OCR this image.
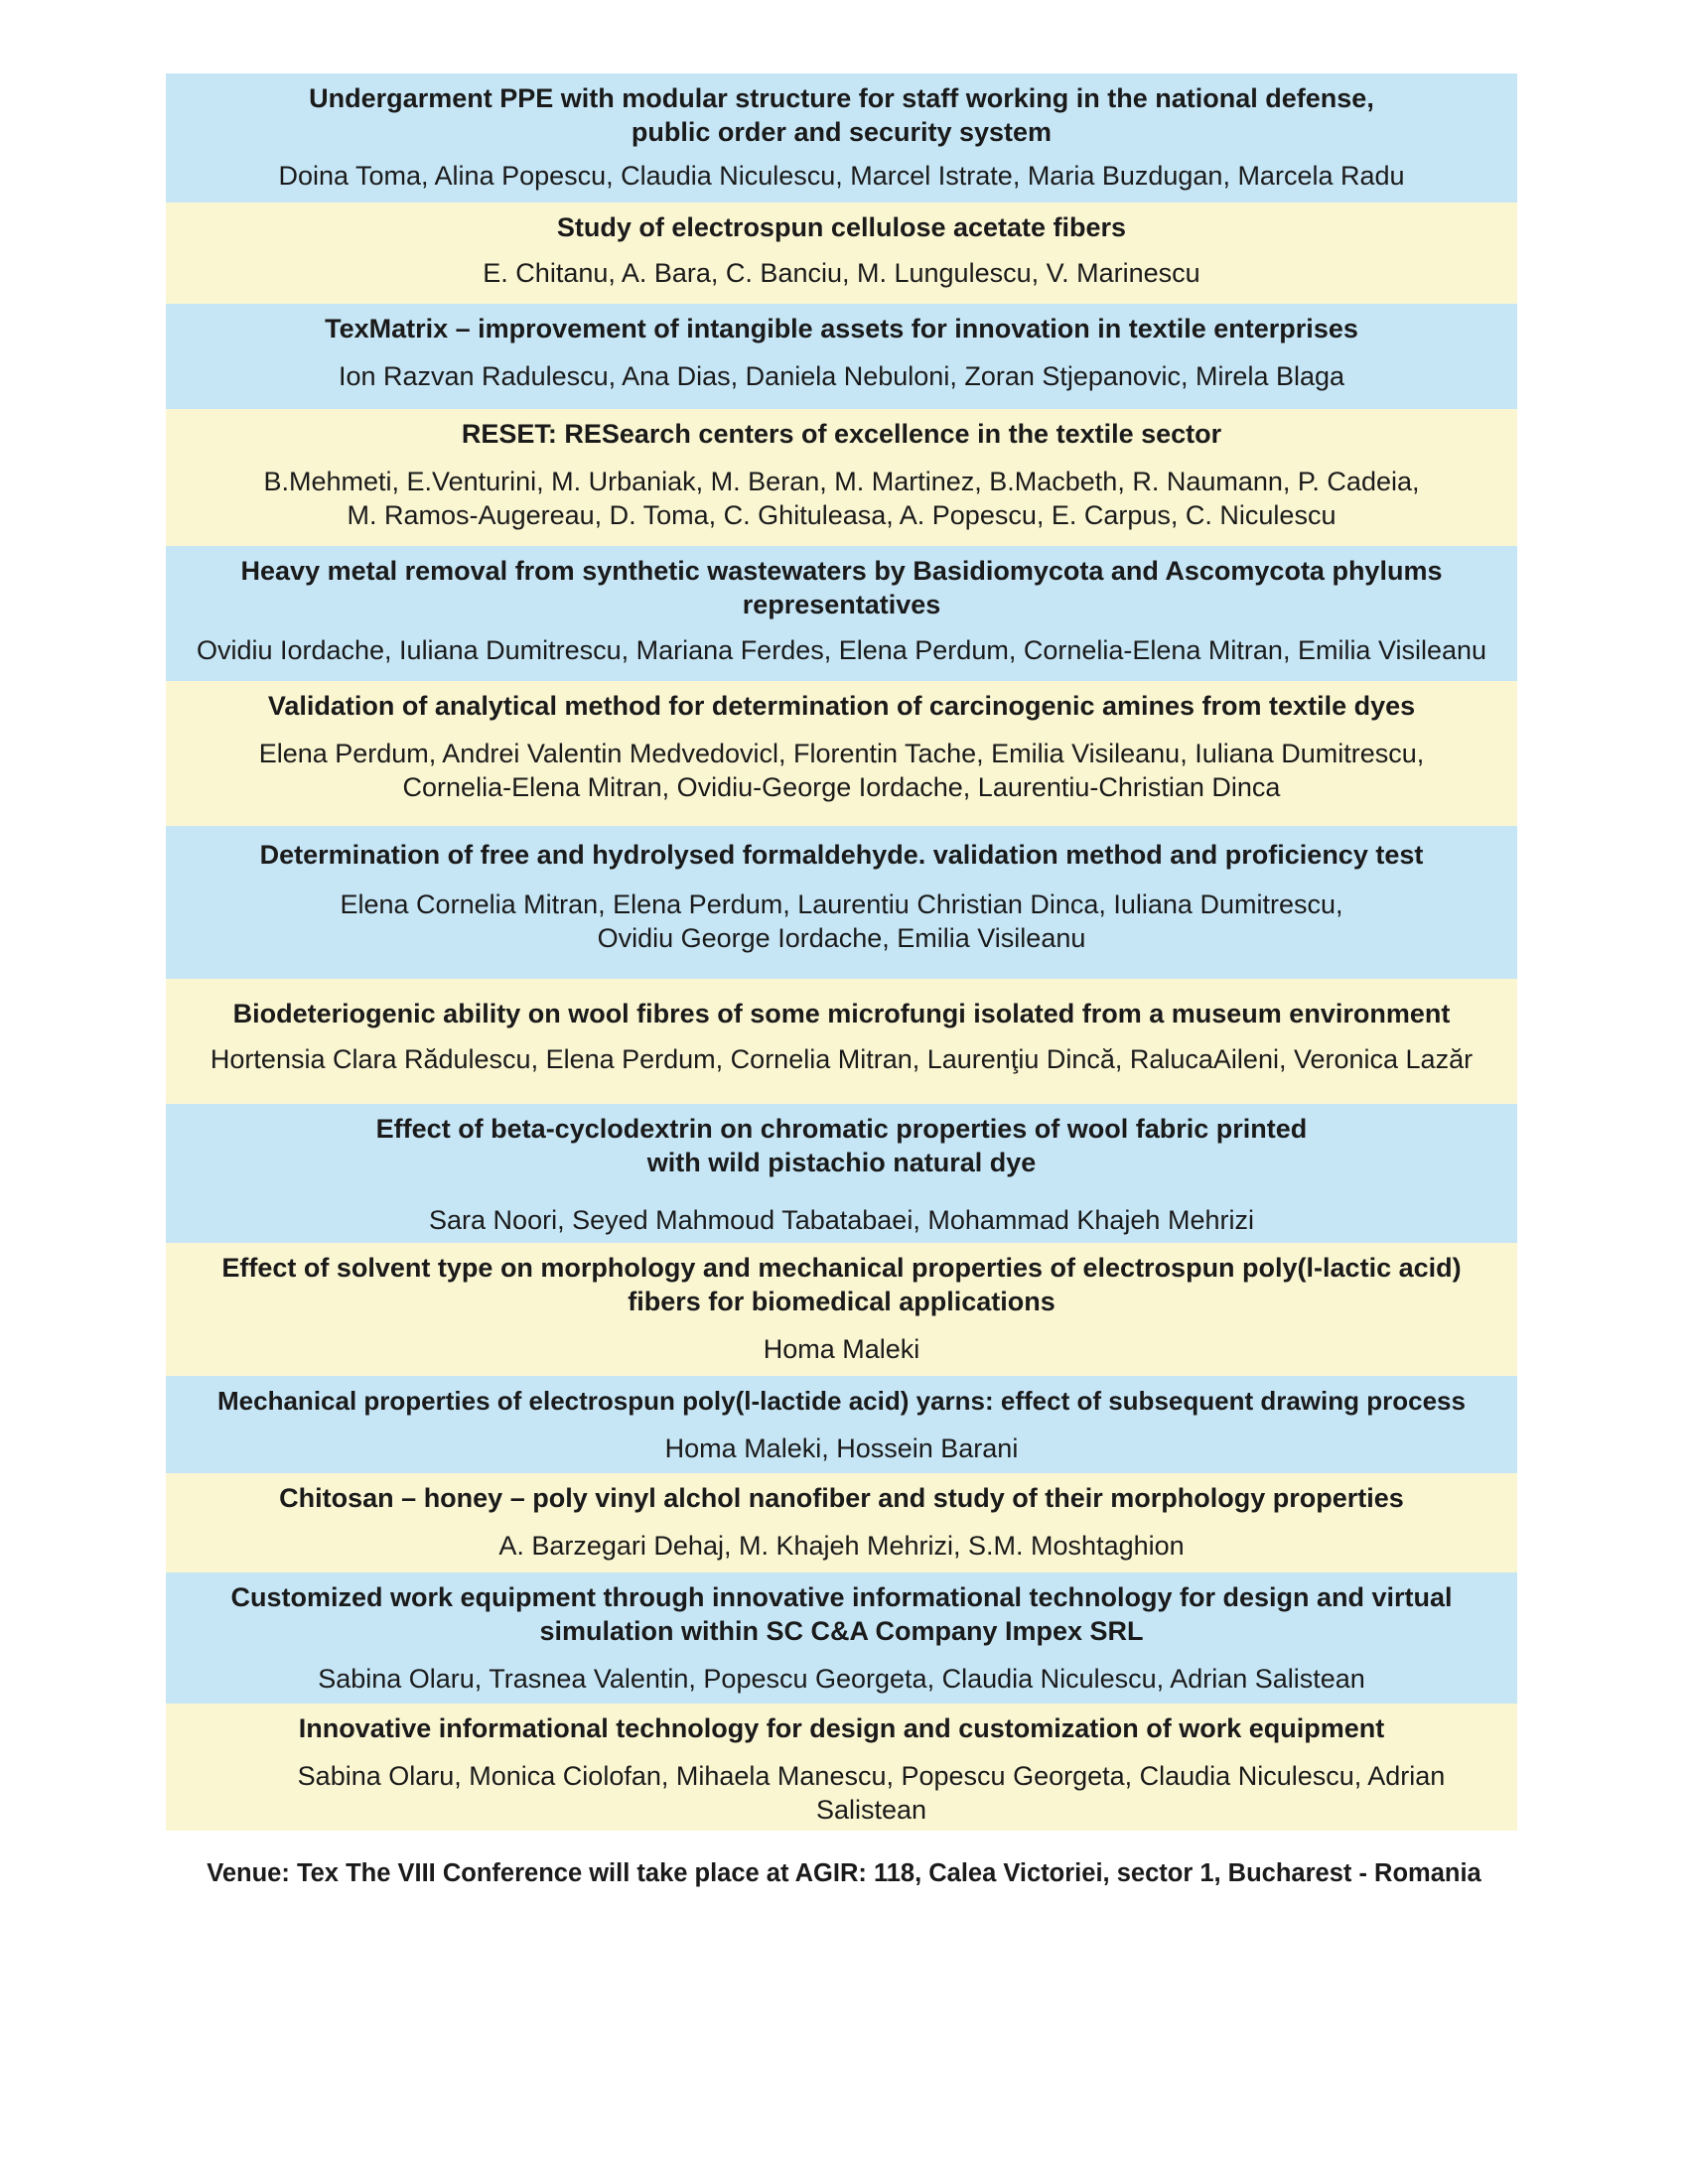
Undergarment PPE with modular structure for staff working in the national defense,
public order and security system
Doina Toma, Alina Popescu, Claudia Niculescu, Marcel Istrate, Maria Buzdugan, Marcela Radu
Study of electrospun cellulose acetate fibers
E. Chitanu, A. Bara, C. Banciu, M. Lungulescu, V. Marinescu
TexMatrix – improvement of intangible assets for innovation in textile enterprises
Ion Razvan Radulescu, Ana Dias, Daniela Nebuloni, Zoran Stjepanovic, Mirela Blaga
RESET: RESearch centers of excellence in the textile sector
B.Mehmeti, E.Venturini, M. Urbaniak, M. Beran, M. Martinez, B.Macbeth, R. Naumann, P. Cadeia,
M. Ramos-Augereau, D. Toma, C. Ghituleasa, A. Popescu, E. Carpus, C. Niculescu
Heavy metal removal from synthetic wastewaters by Basidiomycota and Ascomycota phylums
representatives
Ovidiu Iordache, Iuliana Dumitrescu, Mariana Ferdes, Elena Perdum, Cornelia-Elena Mitran, Emilia Visileanu
Validation of analytical method for determination of carcinogenic amines from textile dyes
Elena Perdum, Andrei Valentin Medvedovicl, Florentin Tache, Emilia Visileanu, Iuliana Dumitrescu,
Cornelia-Elena Mitran, Ovidiu-George Iordache, Laurentiu-Christian Dinca
Determination of free and hydrolysed formaldehyde. validation method and proficiency test
Elena Cornelia Mitran, Elena Perdum, Laurentiu Christian Dinca, Iuliana Dumitrescu,
Ovidiu George Iordache, Emilia Visileanu
Biodeteriogenic ability on wool fibres of some microfungi isolated from a museum environment
Hortensia Clara Rădulescu, Elena Perdum, Cornelia Mitran, Laurenţiu Dincă, RalucaAileni, Veronica Lazăr
Effect of beta-cyclodextrin on chromatic properties of wool fabric printed
with wild pistachio natural dye
Sara Noori, Seyed Mahmoud Tabatabaei, Mohammad Khajeh Mehrizi
Effect of solvent type on morphology and mechanical properties of electrospun poly(l-lactic acid)
fibers for biomedical applications
Homa Maleki
Mechanical properties of electrospun poly(l-lactide acid) yarns: effect of subsequent drawing process
Homa Maleki, Hossein Barani
Chitosan – honey – poly vinyl alchol nanofiber and study of their morphology properties
A. Barzegari Dehaj, M. Khajeh Mehrizi, S.M. Moshtaghion
Customized work equipment through innovative informational technology for design and virtual
simulation within SC C&A Company Impex SRL
Sabina Olaru, Trasnea Valentin, Popescu Georgeta, Claudia Niculescu, Adrian Salistean
Innovative informational technology for design and customization of work equipment
Sabina Olaru, Monica Ciolofan, Mihaela Manescu, Popescu Georgeta, Claudia Niculescu, Adrian
Salistean
Venue: Tex The VIII Conference will take place at AGIR: 118, Calea Victoriei, sector 1, Bucharest - Romania
